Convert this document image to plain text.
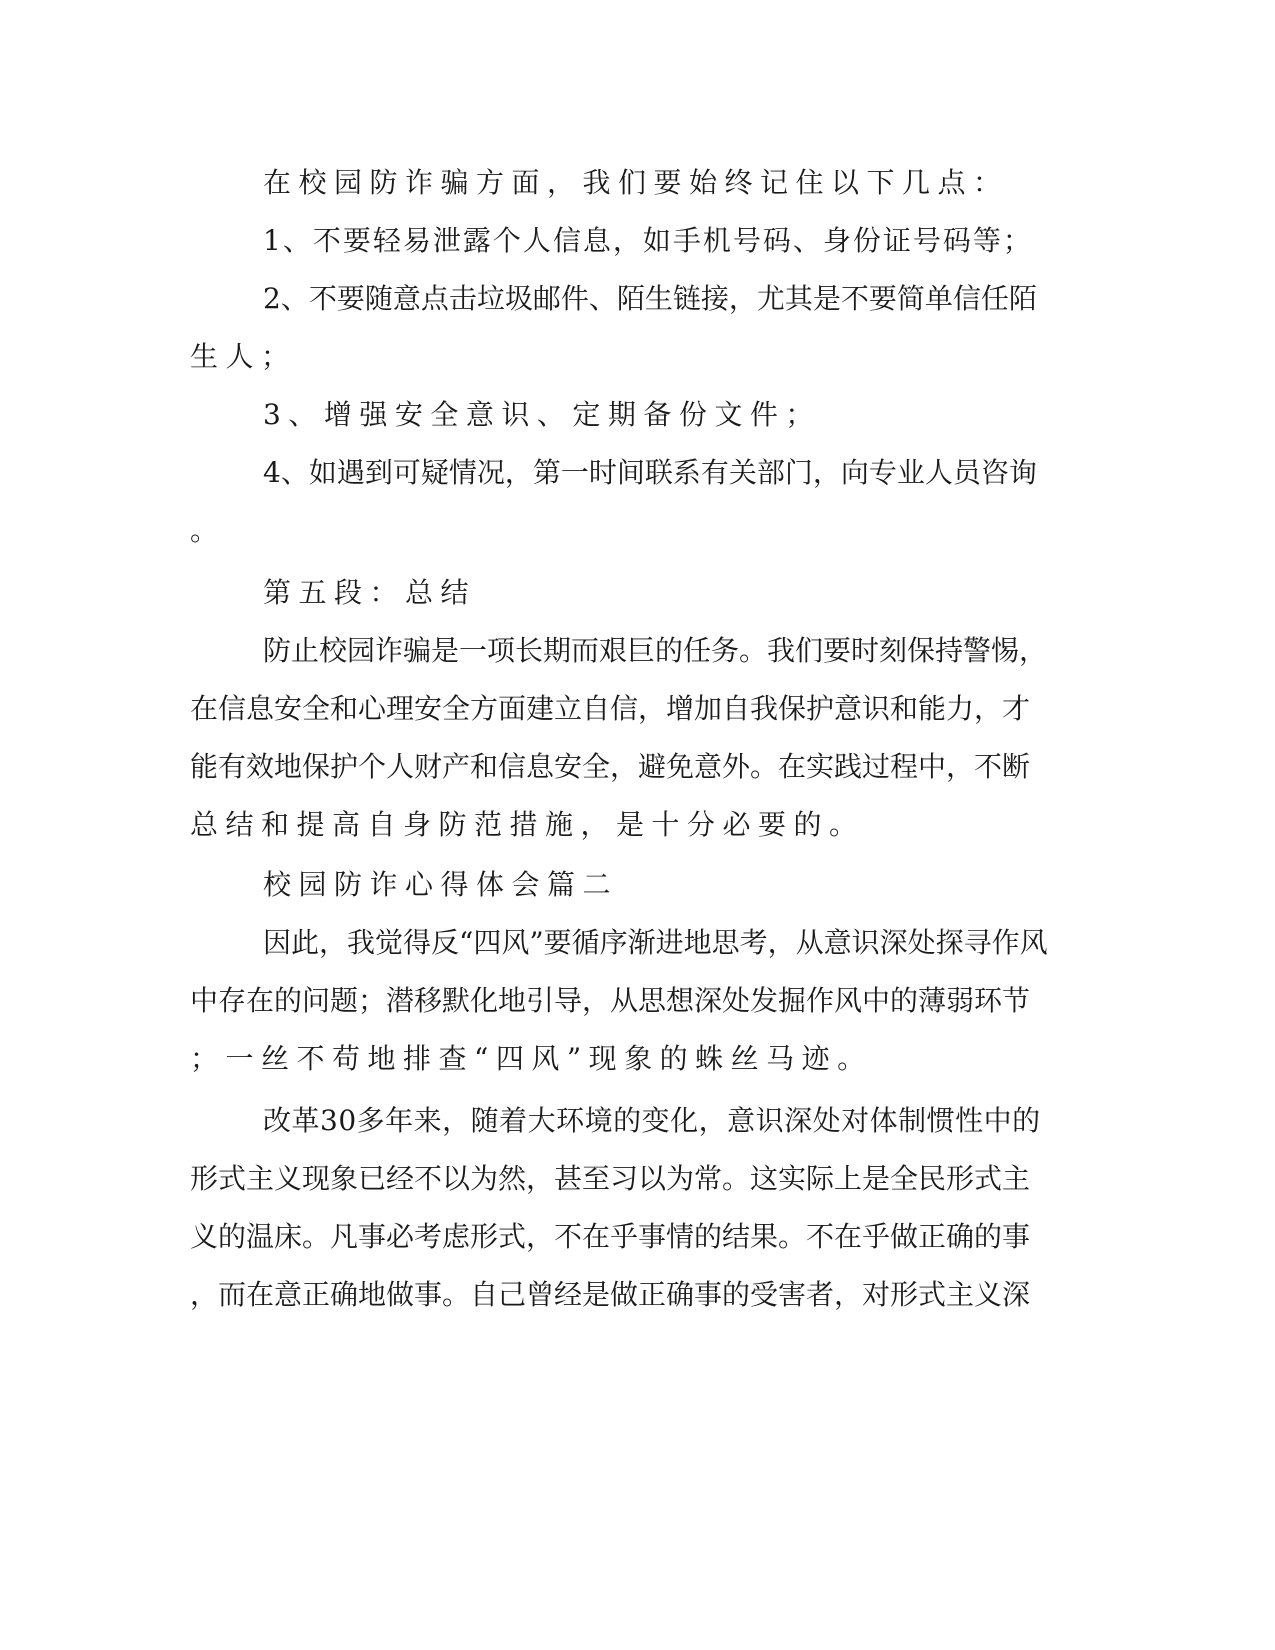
在校园防诈骗方面，我们要始终记住以下几点：
1、不要轻易泄露个人信息，如手机号码、身份证号码等；
2、不要随意点击垃圾邮件、陌生链接，尤其是不要简单信任陌
生人；
3、增强安全意识、定期备份文件；
4、如遇到可疑情况，第一时间联系有关部门，向专业人员咨询
。
第五段：总结
防止校园诈骗是一项长期而艰巨的任务。我们要时刻保持警惕，
在信息安全和心理安全方面建立自信，增加自我保护意识和能力，才
能有效地保护个人财产和信息安全，避免意外。在实践过程中，不断
总结和提高自身防范措施，是十分必要的。
校园防诈心得体会篇二
因此，我觉得反“四风”要循序渐进地思考，从意识深处探寻作风
中存在的问题；潜移默化地引导，从思想深处发掘作风中的薄弱环节
；一丝不苟地排查“四风”现象的蛛丝马迹。
改革30多年来，随着大环境的变化，意识深处对体制惯性中的
形式主义现象已经不以为然，甚至习以为常。这实际上是全民形式主
义的温床。凡事必考虑形式，不在乎事情的结果。不在乎做正确的事
，而在意正确地做事。自己曾经是做正确事的受害者，对形式主义深
